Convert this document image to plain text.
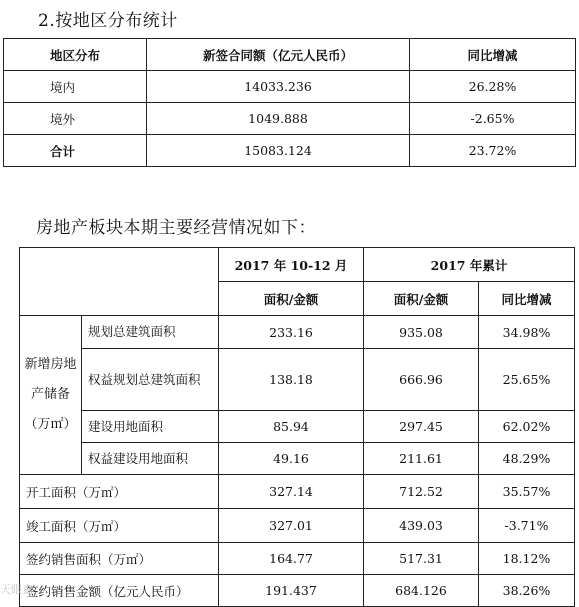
2.按地区分布统计
地区分布	新签合同额（亿元人民币）	同比增减
境内	14033.236	26.28%
境外	1049.888	-2.65%
合计	15083.124	23.72%
房地产板块本期主要经营情况如下：
		2017 年 10-12 月	2017 年累计	
		面积/金额	面积/金额	同比增减
新增房地产储备（万㎡）	规划总建筑面积	233.16	935.08	34.98%
	权益规划总建筑面积	138.18	666.96	25.65%
	建设用地面积	85.94	297.45	62.02%
	权益建设用地面积	49.16	211.61	48.29%
开工面积（万㎡）		327.14	712.52	35.57%
竣工面积（万㎡）		327.01	439.03	-3.71%
签约销售面积（万㎡）		164.77	517.31	18.12%
签约销售金额（亿元人民币）		191.437	684.126	38.26%
天眼查
